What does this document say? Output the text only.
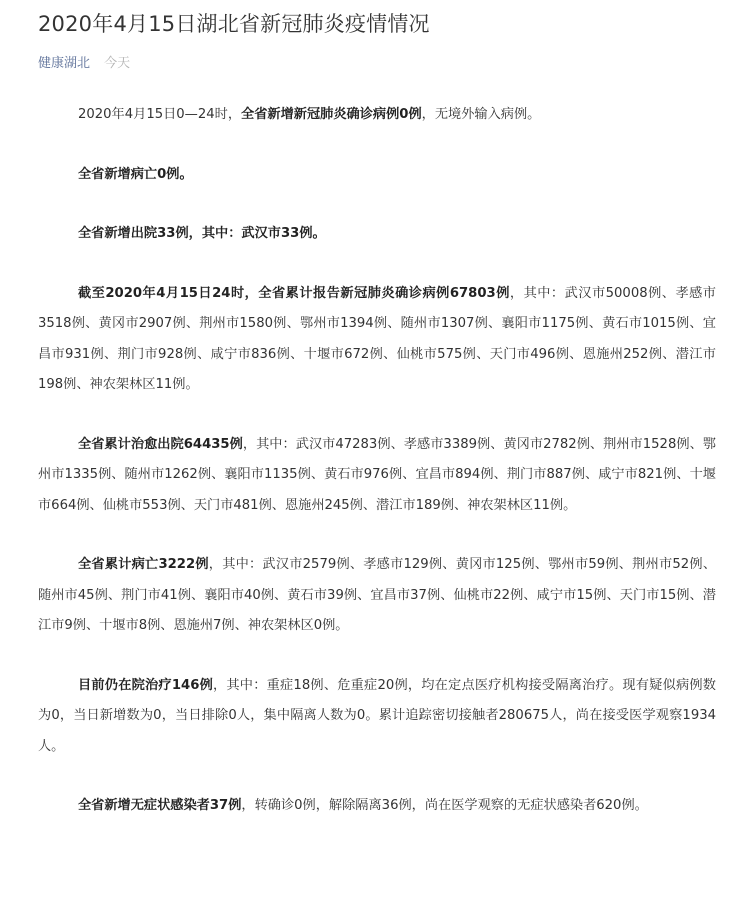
2020年4月15日湖北省新冠肺炎疫情情况
健康湖北 今天

2020年4月15日0—24时，全省新增新冠肺炎确诊病例0例，无境外输入病例。

全省新增病亡0例。

全省新增出院33例，其中：武汉市33例。

截至2020年4月15日24时，全省累计报告新冠肺炎确诊病例67803例，其中：武汉市50008例、孝感市3518例、黄冈市2907例、荆州市1580例、鄂州市1394例、随州市1307例、襄阳市1175例、黄石市1015例、宜昌市931例、荆门市928例、咸宁市836例、十堰市672例、仙桃市575例、天门市496例、恩施州252例、潜江市198例、神农架林区11例。

全省累计治愈出院64435例，其中：武汉市47283例、孝感市3389例、黄冈市2782例、荆州市1528例、鄂州市1335例、随州市1262例、襄阳市1135例、黄石市976例、宜昌市894例、荆门市887例、咸宁市821例、十堰市664例、仙桃市553例、天门市481例、恩施州245例、潜江市189例、神农架林区11例。

全省累计病亡3222例，其中：武汉市2579例、孝感市129例、黄冈市125例、鄂州市59例、荆州市52例、随州市45例、荆门市41例、襄阳市40例、黄石市39例、宜昌市37例、仙桃市22例、咸宁市15例、天门市15例、潜江市9例、十堰市8例、恩施州7例、神农架林区0例。

目前仍在院治疗146例，其中：重症18例、危重症20例，均在定点医疗机构接受隔离治疗。现有疑似病例数为0，当日新增数为0，当日排除0人，集中隔离人数为0。累计追踪密切接触者280675人，尚在接受医学观察1934人。

全省新增无症状感染者37例，转确诊0例，解除隔离36例，尚在医学观察的无症状感染者620例。
